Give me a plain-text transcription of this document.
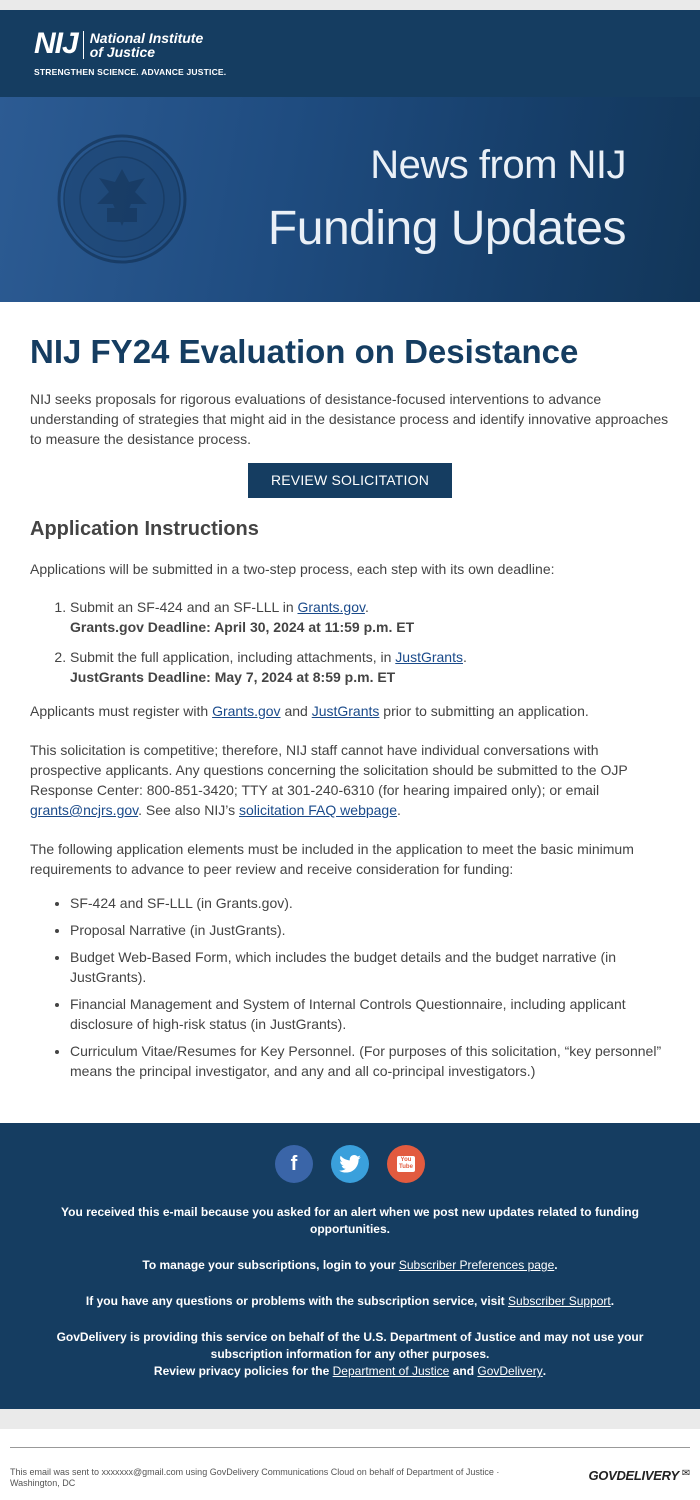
NIJ National Institute
of Justice
STRENGTHEN SCIENCE. ADVANCE JUSTICE.
News from NIJ
Funding Updates
NIJ FY24 Evaluation on Desistance

NIJ seeks proposals for rigorous evaluations of desistance-focused interventions to advance understanding of strategies that might aid in the desistance process and identify innovative approaches to measure the desistance process.

REVIEW SOLICITATION
Application Instructions

Applications will be submitted in a two-step process, each step with its own deadline:

1. Submit an SF-424 and an SF-LLL in Grants.gov.
Grants.gov Deadline: April 30, 2024 at 11:59 p.m. ET
2. Submit the full application, including attachments, in JustGrants.
JustGrants Deadline: May 7, 2024 at 8:59 p.m. ET

Applicants must register with Grants.gov and JustGrants prior to submitting an application.

This solicitation is competitive; therefore, NIJ staff cannot have individual conversations with prospective applicants. Any questions concerning the solicitation should be submitted to the OJP Response Center: 800-851-3420; TTY at 301-240-6310 (for hearing impaired only); or email grants@ncjrs.gov. See also NIJ’s solicitation FAQ webpage.

The following application elements must be included in the application to meet the basic minimum requirements to advance to peer review and receive consideration for funding:

• SF-424 and SF-LLL (in Grants.gov).
• Proposal Narrative (in JustGrants).
• Budget Web-Based Form, which includes the budget details and the budget narrative (in JustGrants).
• Financial Management and System of Internal Controls Questionnaire, including applicant disclosure of high-risk status (in JustGrants).
• Curriculum Vitae/Resumes for Key Personnel. (For purposes of this solicitation, “key personnel” means the principal investigator, and any and all co-principal investigators.)
f	You
Tube

You received this e-mail because you asked for an alert when we post new updates related to funding opportunities.

To manage your subscriptions, login to your Subscriber Preferences page.

If you have any questions or problems with the subscription service, visit Subscriber Support.

GovDelivery is providing this service on behalf of the U.S. Department of Justice and may not use your subscription information for any other purposes.
Review privacy policies for the Department of Justice and GovDelivery.

This email was sent to xxxxxxx@gmail.com using GovDelivery Communications Cloud on behalf of Department of Justice · Washington, DC	GOVDELIVERY ✉
